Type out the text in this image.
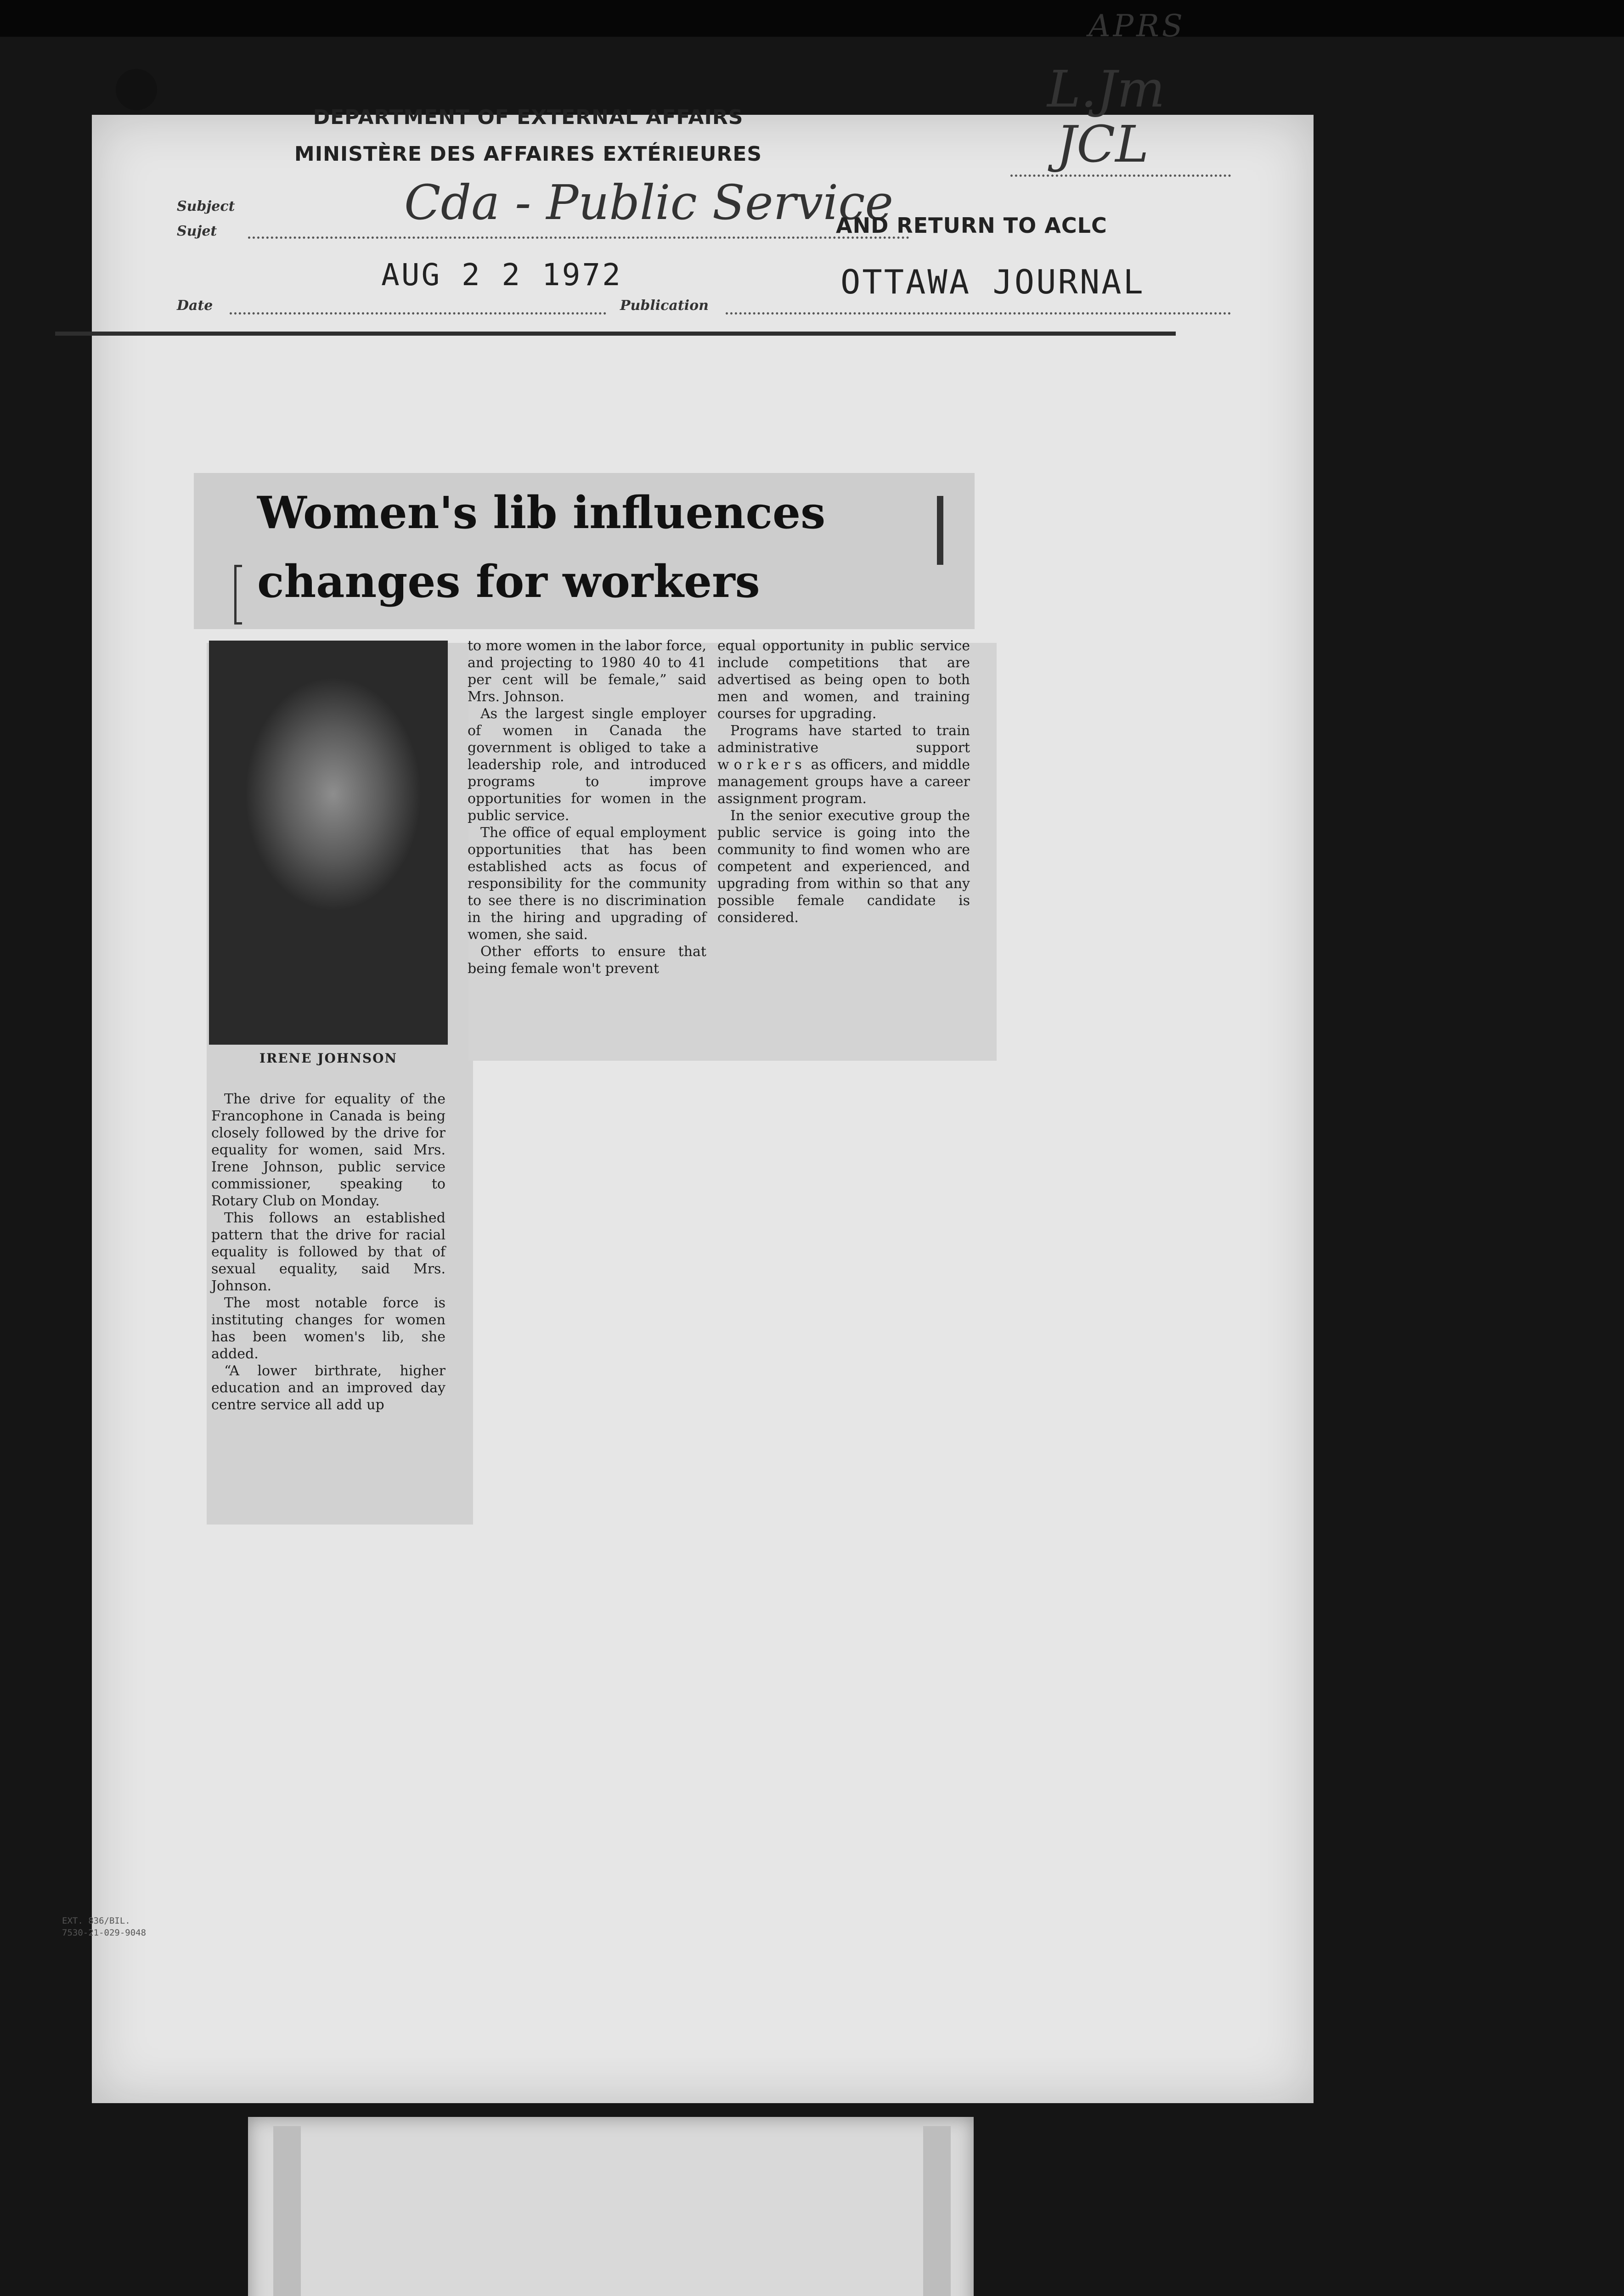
APRS
L.Jm
JCL
DEPARTMENT OF EXTERNAL AFFAIRS
MINISTÈRE DES AFFAIRES EXTÉRIEURES
Subject
Sujet
Cda - Public Service
AND RETURN TO ACLC
AUG 2 2 1972	OTTAWA JOURNAL
Date	Publication
Women's lib influences
changes for workers
IRENE JOHNSON

The drive for equality of the Francophone in Canada is being closely followed by the drive for equality for women, said Mrs. Irene Johnson, public service commissioner, speaking to Rotary Club on Monday.

This follows an established pattern that the drive for racial equality is followed by that of sexual equality, said Mrs. Johnson.

The most notable force is instituting changes for women has been women's lib, she added.

“A lower birthrate, higher education and an improved day centre service all add up

to more women in the labor force, and projecting to 1980 40 to 41 per cent will be female,” said Mrs. Johnson.

As the largest single employer of women in Canada the government is obliged to take a leadership role, and introduced programs to improve opportunities for women in the public service.

The office of equal employment opportunities that has been established acts as focus of responsibility for the community to see there is no discrimination in the hiring and upgrading of women, she said.

Other efforts to ensure that being female won't prevent

equal opportunity in public service include competitions that are advertised as being open to both men and women, and training courses for upgrading.

Programs have started to train administrative support workers as officers, and middle management groups have a career assignment program.

In the senior executive group the public service is going into the community to find women who are competent and experienced, and upgrading from within so that any possible female candidate is considered.

EXT. 836/BIL.
7530-21-029-9048
